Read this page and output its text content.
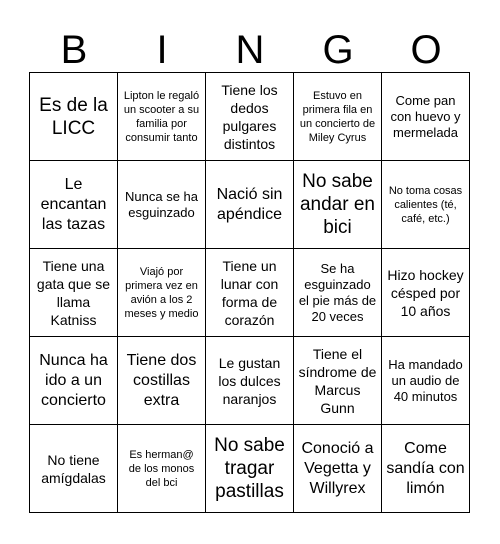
B	I	N	G	O
Es de la LICC
Lipton le regaló un scooter a su familia por consumir tanto
Tiene los dedos pulgares distintos
Estuvo en primera fila en un concierto de Miley Cyrus
Come pan con huevo y mermelada
Le encantan las tazas
Nunca se ha esguinzado
Nació sin apéndice
No sabe andar en bici
No toma cosas calientes (té, café, etc.)
Tiene una gata que se llama Katniss
Viajó por primera vez en avión a los 2 meses y medio
Tiene un lunar con forma de corazón
Se ha esguinzado el pie más de 20 veces
Hizo hockey césped por 10 años
Nunca ha ido a un concierto
Tiene dos costillas extra
Le gustan los dulces naranjos
Tiene el síndrome de Marcus Gunn
Ha mandado un audio de 40 minutos
No tiene amígdalas
Es herman@ de los monos del bci
No sabe tragar pastillas
Conoció a Vegetta y Willyrex
Come sandía con limón
